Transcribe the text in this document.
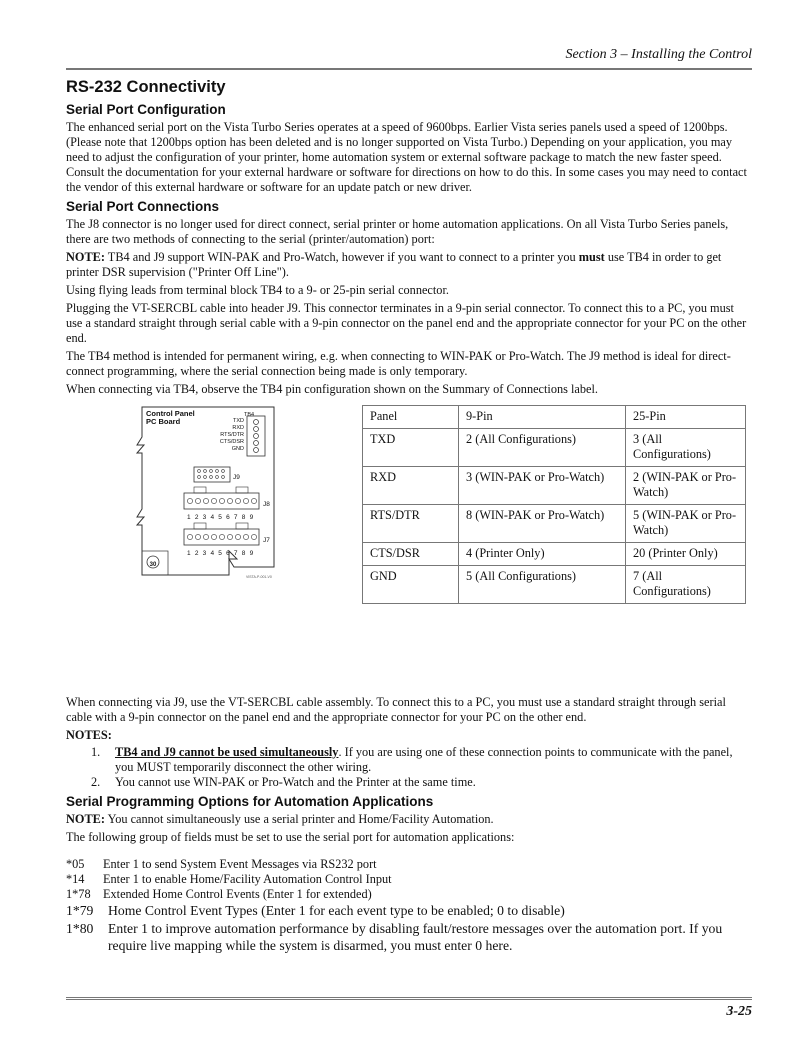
Section 3 – Installing the Control
RS-232 Connectivity
Serial Port Configuration

The enhanced serial port on the Vista Turbo Series operates at a speed of 9600bps. Earlier Vista series panels used a speed of 1200bps. (Please note that 1200bps option has been deleted and is no longer supported on Vista Turbo.) Depending on your application, you may need to adjust the configuration of your printer, home automation system or external software package to match the new faster speed. Consult the documentation for your external hardware or software for directions on how to do this. In some cases you may need to contact the vendor of this external hardware or software for an update patch or new driver.

Serial Port Connections

The J8 connector is no longer used for direct connect, serial printer or home automation applications. On all Vista Turbo Series panels, there are two methods of connecting to the serial (printer/automation) port:

NOTE: TB4 and J9 support WIN-PAK and Pro-Watch, however if you want to connect to a printer you must use TB4 in order to get printer DSR supervision ("Printer Off Line").

Using flying leads from terminal block TB4 to a 9- or 25-pin serial connector.

Plugging the VT-SERCBL cable into header J9. This connector terminates in a 9-pin serial connector. To connect this to a PC, you must use a standard straight through serial cable with a 9-pin connector on the panel end and the appropriate connector for your PC on the other end.

The TB4 method is intended for permanent wiring, e.g. when connecting to WIN-PAK or Pro-Watch. The J9 method is ideal for direct-connect programming, where the serial connection being made is only temporary.

When connecting via TB4, observe the TB4 pin configuration shown on the Summary of Connections label.

Control Panel
PC Board
TB4
TXD
RXD
RTS/DTR
CTS/DSR
GND
J9
J8
1 2 3 4 5 6 7 8 9
J7
1 2 3 4 5 6 7 8 9
30
VISTA-P-001-V0
Panel	9-Pin	25-Pin
TXD	2 (All Configurations)	3 (All Configurations)
RXD	3 (WIN-PAK or Pro-Watch)	2 (WIN-PAK or Pro-Watch)
RTS/DTR	8 (WIN-PAK or Pro-Watch)	5 (WIN-PAK or Pro-Watch)
CTS/DSR	4 (Printer Only)	20 (Printer Only)
GND	5 (All Configurations)	7 (All Configurations)

When connecting via J9, use the VT-SERCBL cable assembly. To connect this to a PC, you must use a standard straight through serial cable with a 9-pin connector on the panel end and the appropriate connector for your PC on the other end.

NOTES:

1. TB4 and J9 cannot be used simultaneously. If you are using one of these connection points to communicate with the panel, you MUST temporarily disconnect the other wiring.
2. You cannot use WIN-PAK or Pro-Watch and the Printer at the same time.
Serial Programming Options for Automation Applications

NOTE: You cannot simultaneously use a serial printer and Home/Facility Automation.

The following group of fields must be set to use the serial port for automation applications:

*05 Enter 1 to send System Event Messages via RS232 port
*14 Enter 1 to enable Home/Facility Automation Control Input
1*78 Extended Home Control Events (Enter 1 for extended)
1*79 Home Control Event Types (Enter 1 for each event type to be enabled; 0 to disable)
1*80 Enter 1 to improve automation performance by disabling fault/restore messages over the automation port. If you require live mapping while the system is disarmed, you must enter 0 here.
3-25
